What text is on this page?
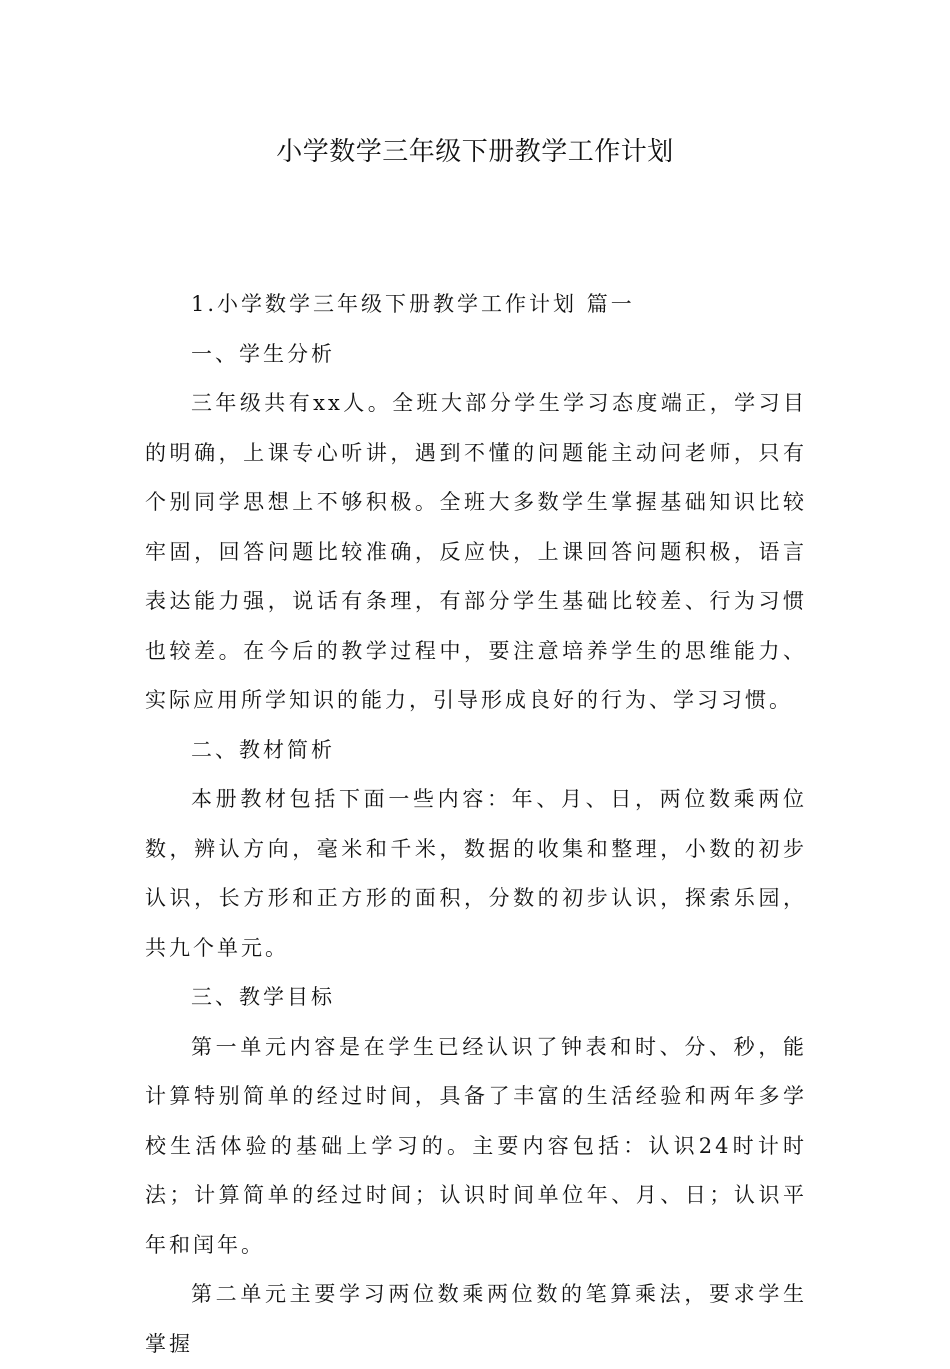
小学数学三年级下册教学工作计划

1.小学数学三年级下册教学工作计划 篇一

一、学生分析

三年级共有xx人。全班大部分学生学习态度端正，学习目的明确，上课专心听讲，遇到不懂的问题能主动问老师，只有个别同学思想上不够积极。全班大多数学生掌握基础知识比较牢固，回答问题比较准确，反应快，上课回答问题积极，语言表达能力强，说话有条理，有部分学生基础比较差、行为习惯也较差。在今后的教学过程中，要注意培养学生的思维能力、实际应用所学知识的能力，引导形成良好的行为、学习习惯。

二、教材简析

本册教材包括下面一些内容：年、月、日，两位数乘两位数，辨认方向，毫米和千米，数据的收集和整理，小数的初步认识，长方形和正方形的面积，分数的初步认识，探索乐园，共九个单元。

三、教学目标

第一单元内容是在学生已经认识了钟表和时、分、秒，能计算特别简单的经过时间，具备了丰富的生活经验和两年多学校生活体验的基础上学习的。主要内容包括：认识24时计时法；计算简单的经过时间；认识时间单位年、月、日；认识平年和闰年。

第二单元主要学习两位数乘两位数的笔算乘法，要求学生掌握
